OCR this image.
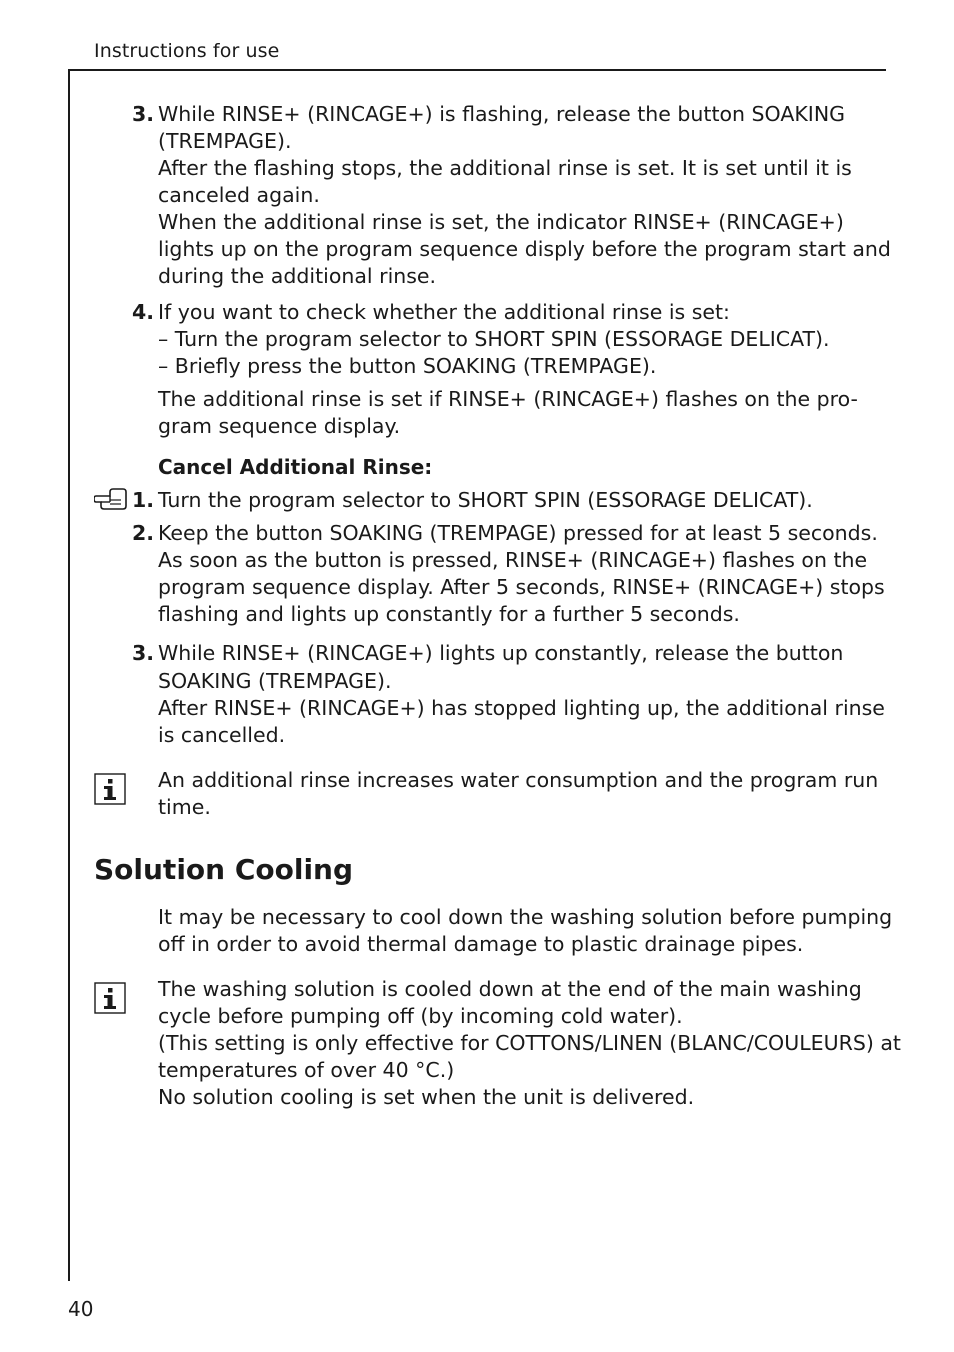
Instructions for use
3. While RINSE+ (RINCAGE+) is flashing, release the button SOAKING
(TREMPAGE).
After the flashing stops, the additional rinse is set. It is set until it is
canceled again.
When the additional rinse is set, the indicator RINSE+ (RINCAGE+)
lights up on the program sequence disply before the program start and
during the additional rinse.
4. If you want to check whether the additional rinse is set:
– Turn the program selector to SHORT SPIN (ESSORAGE DELICAT).
– Briefly press the button SOAKING (TREMPAGE).
The additional rinse is set if RINSE+ (RINCAGE+) flashes on the pro-
gram sequence display.
Cancel Additional Rinse:
1. Turn the program selector to SHORT SPIN (ESSORAGE DELICAT).
2. Keep the button SOAKING (TREMPAGE) pressed for at least 5 seconds.
As soon as the button is pressed, RINSE+ (RINCAGE+) flashes on the
program sequence display. After 5 seconds, RINSE+ (RINCAGE+) stops
flashing and lights up constantly for a further 5 seconds.
3. While RINSE+ (RINCAGE+) lights up constantly, release the button
SOAKING (TREMPAGE).
After RINSE+ (RINCAGE+) has stopped lighting up, the additional rinse
is cancelled.
An additional rinse increases water consumption and the program run
time.
Solution Cooling
It may be necessary to cool down the washing solution before pumping
off in order to avoid thermal damage to plastic drainage pipes.
The washing solution is cooled down at the end of the main washing
cycle before pumping off (by incoming cold water).
(This setting is only effective for COTTONS/LINEN (BLANC/COULEURS) at
temperatures of over 40 °C.)
No solution cooling is set when the unit is delivered.
40
